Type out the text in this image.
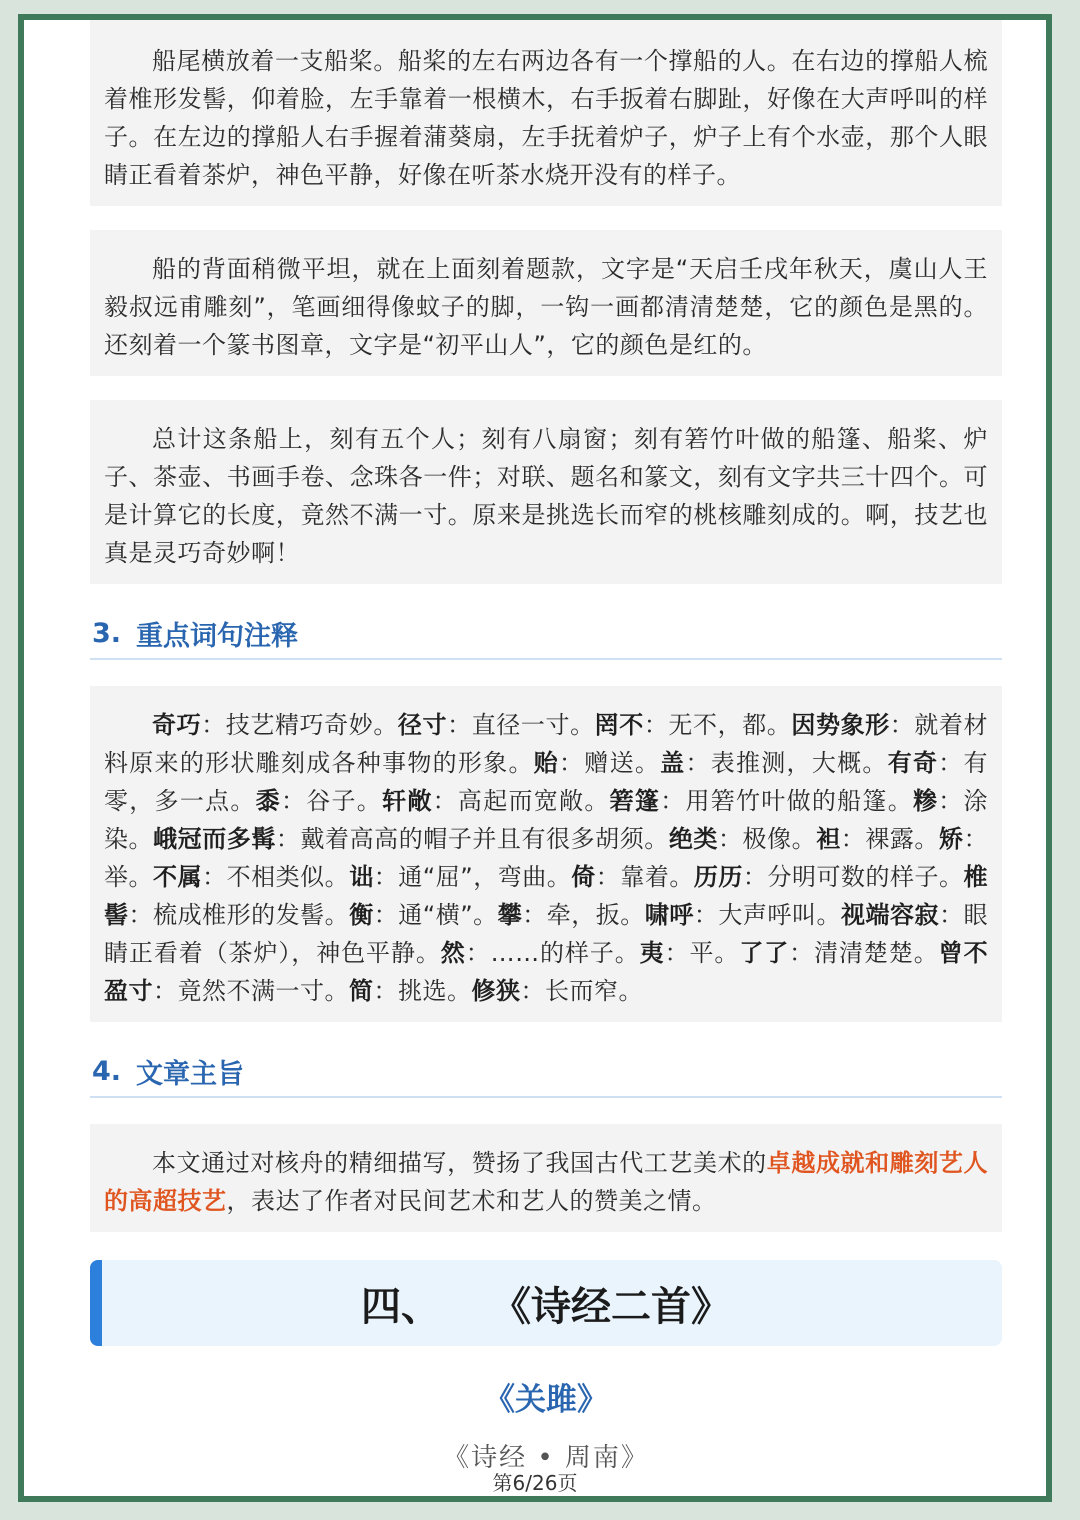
船尾横放着一支船桨。船桨的左右两边各有一个撑船的人。在右边的撑船人梳着椎形发髻，仰着脸，左手靠着一根横木，右手扳着右脚趾，好像在大声呼叫的样子。在左边的撑船人右手握着蒲葵扇，左手抚着炉子，炉子上有个水壶，那个人眼睛正看着茶炉，神色平静，好像在听茶水烧开没有的样子。
船的背面稍微平坦，就在上面刻着题款，文字是“天启壬戌年秋天，虞山人王毅叔远甫雕刻”，笔画细得像蚊子的脚，一钩一画都清清楚楚，它的颜色是黑的。还刻着一个篆书图章，文字是“初平山人”，它的颜色是红的。
总计这条船上，刻有五个人；刻有八扇窗；刻有箬竹叶做的船篷、船桨、炉子、茶壶、书画手卷、念珠各一件；对联、题名和篆文，刻有文字共三十四个。可是计算它的长度，竟然不满一寸。原来是挑选长而窄的桃核雕刻成的。啊，技艺也真是灵巧奇妙啊！
3. 重点词句注释
奇巧：技艺精巧奇妙。径寸：直径一寸。罔不：无不，都。因势象形：就着材料原来的形状雕刻成各种事物的形象。贻：赠送。盖：表推测，大概。有奇：有零，多一点。黍：谷子。轩敞：高起而宽敞。箬篷：用箬竹叶做的船篷。糁：涂染。峨冠而多髯：戴着高高的帽子并且有很多胡须。绝类：极像。袒：裸露。矫：举。不属：不相类似。诎：通“屈”，弯曲。倚：靠着。历历：分明可数的样子。椎髻：梳成椎形的发髻。衡：通“横”。攀：牵，扳。啸呼：大声呼叫。视端容寂：眼睛正看着（茶炉），神色平静。然：……的样子。夷：平。了了：清清楚楚。曾不盈寸：竟然不满一寸。简：挑选。修狭：长而窄。
4. 文章主旨
本文通过对核舟的精细描写，赞扬了我国古代工艺美术的卓越成就和雕刻艺人的高超技艺，表达了作者对民间艺术和艺人的赞美之情。
四、 《诗经二首》
《关雎》
《诗经 • 周南》
第6/26页
